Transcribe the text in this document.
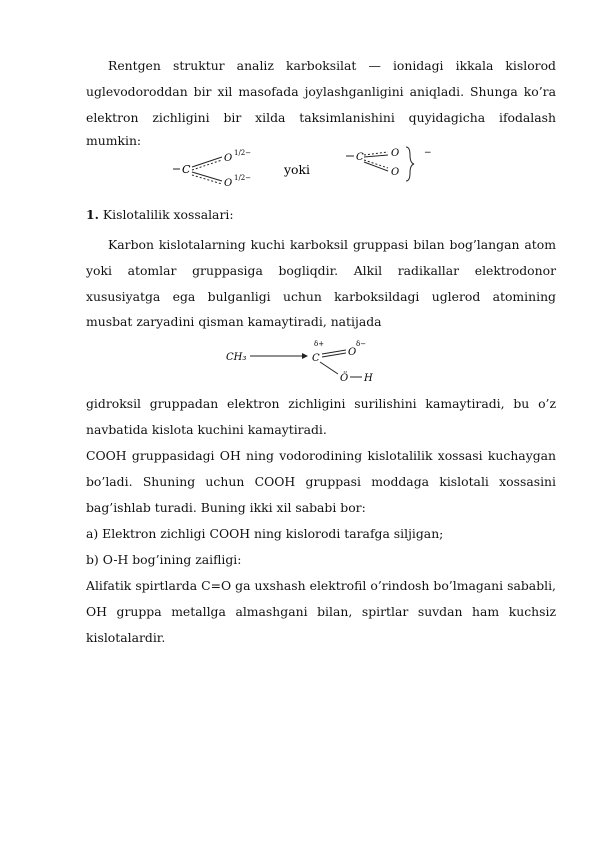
Rentgen struktur analiz karboksilat — ionidagi ikkala kislorod
uglevodoroddan bir xil masofada joylashganligini aniqladi. Shunga ko’ra
elektron zichligini bir xilda taksimlanishini quyidagicha ifodalash
mumkin:
C
O
O
1/2−
1/2−
yoki
C	O
O
−
1. Kislotalilik xossalari:
Karbon kislotalarning kuchi karboksil gruppasi bilan bog’langan atom
yoki atomlar gruppasiga bogliqdir. Alkil radikallar elektrodonor
xususiyatga ega bulganligi uchun karboksildagi uglerod atomining
musbat zaryadini qisman kamaytiradi, natijada
CH₃	C
δ+
O
δ−
Ö H
gidroksil gruppadan elektron zichligini surilishini kamaytiradi, bu o’z
navbatida kislota kuchini kamaytiradi.
COOH gruppasidagi OH ning vodorodining kislotalilik xossasi kuchaygan
bo’ladi. Shuning uchun COOH gruppasi moddaga kislotali xossasini
bag’ishlab turadi. Buning ikki xil sababi bor:
a) Elektron zichligi COOH ning kislorodi tarafga siljigan;
b) O-H bog’ining zaifligi:
Alifatik spirtlarda C=O ga uxshash elektrofil o’rindosh bo’lmagani sababli,
OH gruppa metallga almashgani bilan, spirtlar suvdan ham kuchsiz
kislotalardir.
